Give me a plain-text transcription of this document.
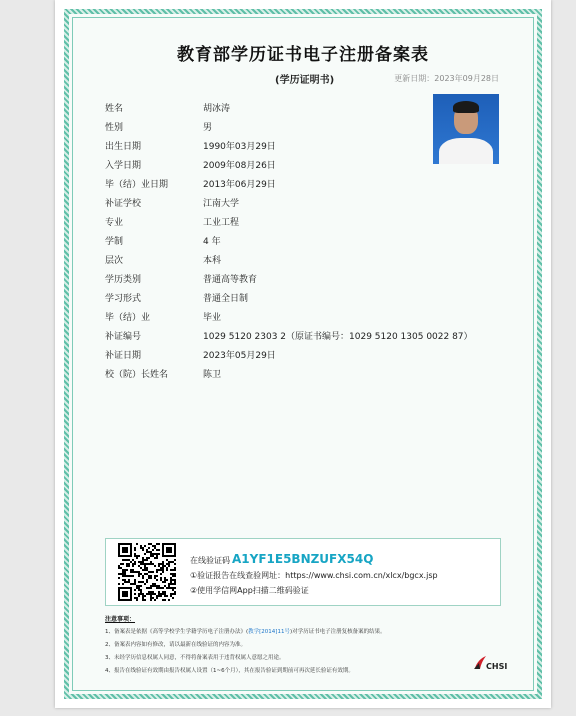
教育部学历证书电子注册备案表
(学历证明书)	更新日期：2023年09月28日
姓名	胡冰涛
性别	男
出生日期	1990年03月29日
入学日期	2009年08月26日
毕（结）业日期	2013年06月29日
补证学校	江南大学
专业	工业工程
学制	4 年
层次	本科
学历类别	普通高等教育
学习形式	普通全日制
毕（结）业	毕业
补证编号	1029 5120 2303 2（原证书编号：1029 5120 1305 0022 87）
补证日期	2023年05月29日
校（院）长姓名	陈卫
在线验证码 A1YF1E5BNZUFX54Q
①验证报告在线查验网址：https://www.chsi.com.cn/xlcx/bgcx.jsp
②使用学信网App扫描二维码验证
注意事项：
1、备案表是依据《高等学校学生学籍学历电子注册办法》(教学[2014]11号)对学历证书电子注册复核备案的结果。
2、备案表内容如有修改，请以最新在线验证的内容为准。
3、未经学历信息权属人同意，不得将备案表用于违背权属人意愿之用途。
4、报告在线验证有效期由报告权属人设置（1~6个月），其在报告验证到期前可再次延长验证有效期。	CHSI
